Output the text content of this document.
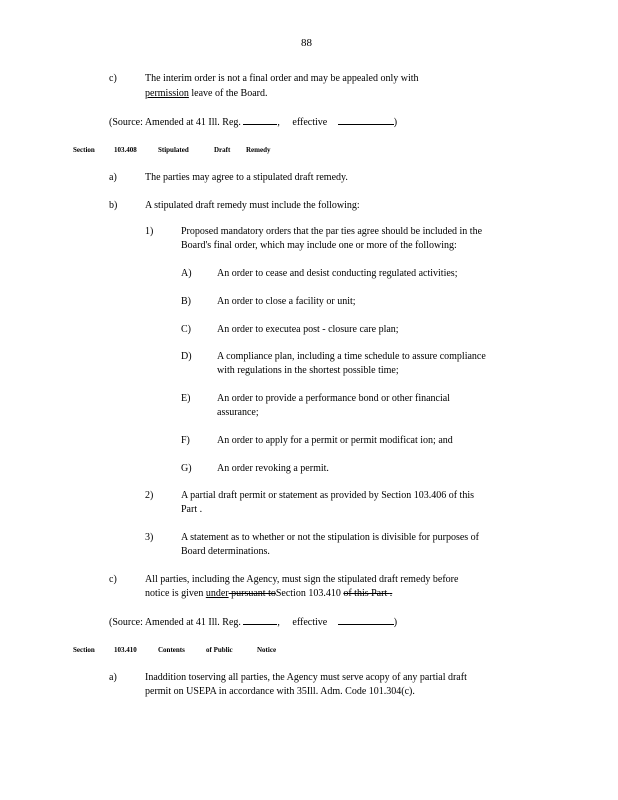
88
c)	The interim order is not a final order and may be appealed only with
permission leave of the Board.
(Source: Amended at 41 Ill. Reg.	, effective	)
Section	103.408	Stipulated	Draft Remedy
a)	The parties may agree to a stipulated draft remedy.
b)	A stipulated draft remedy must include the following:
1)	Proposed mandatory orders that the par ties agree should be included in the
Board's final order, which may include one or more of the following:
A)	An order to cease and desist conducting regulated activities;
B)	An order to close a facility or unit;
C)	An order to executea post - closure care plan;
D)	A compliance plan, including a time schedule to assure compliance
with regulations in the shortest possible time;
E)	An order to provide a performance bond or other financial
assurance;
F)	An order to apply for a permit or permit modificat ion; and
G)	An order revoking a permit.
2)	A partial draft permit or statement as provided by Section 103.406 of this
Part .
3)	A statement as to whether or not the stipulation is divisible for purposes of
Board determinations.
c)	All parties, including the Agency, must sign the stipulated draft remedy before
notice is given under pursuant toSection 103.410 of this Part .
(Source: Amended at 41 Ill. Reg.	, effective	)
Section	103.410	Contents	of Public	Notice
a)	Inaddition toserving all parties, the Agency must serve acopy of any partial draft
permit on USEPA in accordance with 35Ill. Adm. Code 101.304(c).
